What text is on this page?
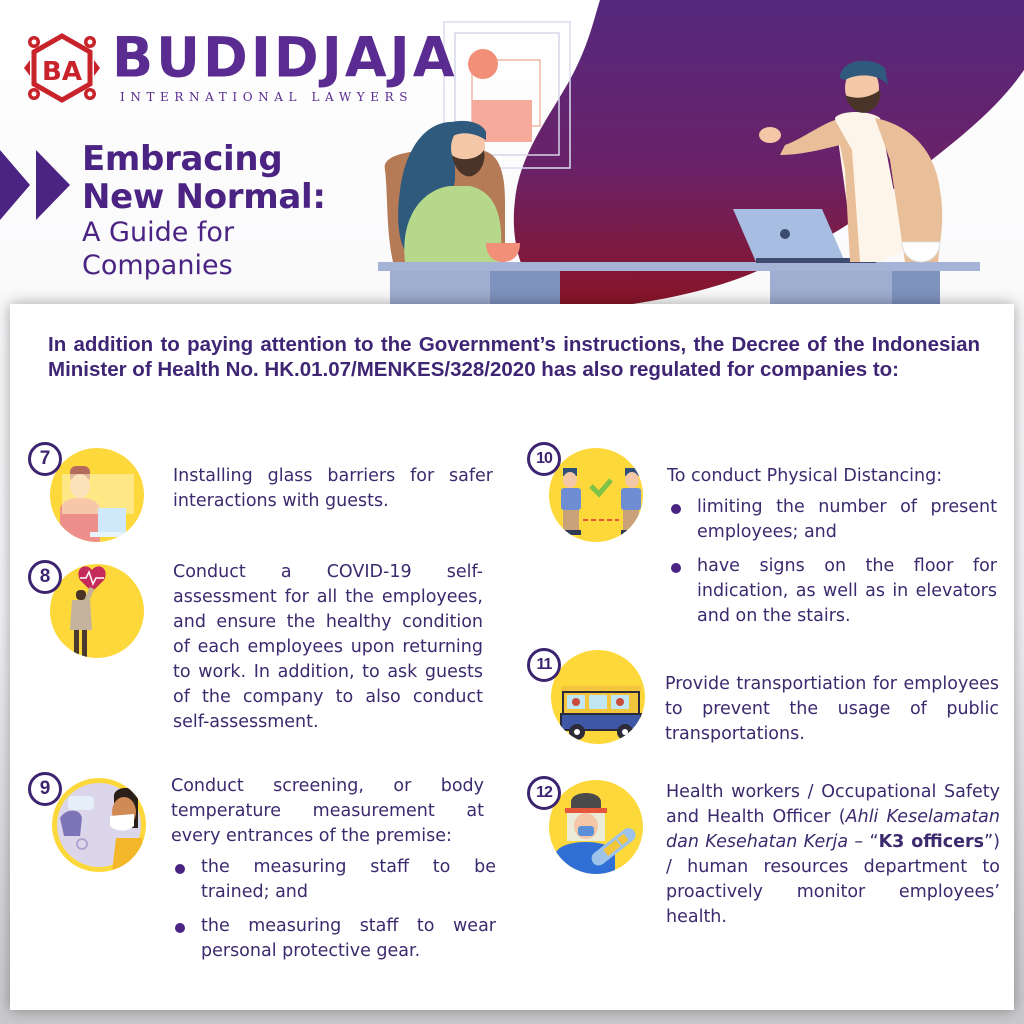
BA BUDIDJAJA
INTERNATIONAL LAWYERS
Embracing
New Normal:
A Guide for
Companies

In addition to paying attention to the Government’s instructions, the Decree of the Indonesian Minister of Health No. HK.01.07/MENKES/328/2020 has also regulated for companies to:

7
Installing glass barriers for safer interactions with guests.
8	Conduct a COVID-19 self-assessment for all the employees, and ensure the healthy condition of each employees upon returning to work. In addition, to ask guests of the company to also conduct self-assessment.
9	Conduct screening, or body temperature measurement at every entrances of the premise:
the measuring staff to be trained; and
the measuring staff to wear personal protective gear.
10
To conduct Physical Distancing:
limiting the number of present employees; and
have signs on the floor for indication, as well as in elevators and on the stairs.
11
Provide transportiation for employees to prevent the usage of public transportations.
12	Health workers / Occupational Safety and Health Officer (Ahli Keselamatan dan Kesehatan Kerja – “K3 officers”) / human resources department to proactively monitor employees’ health.
